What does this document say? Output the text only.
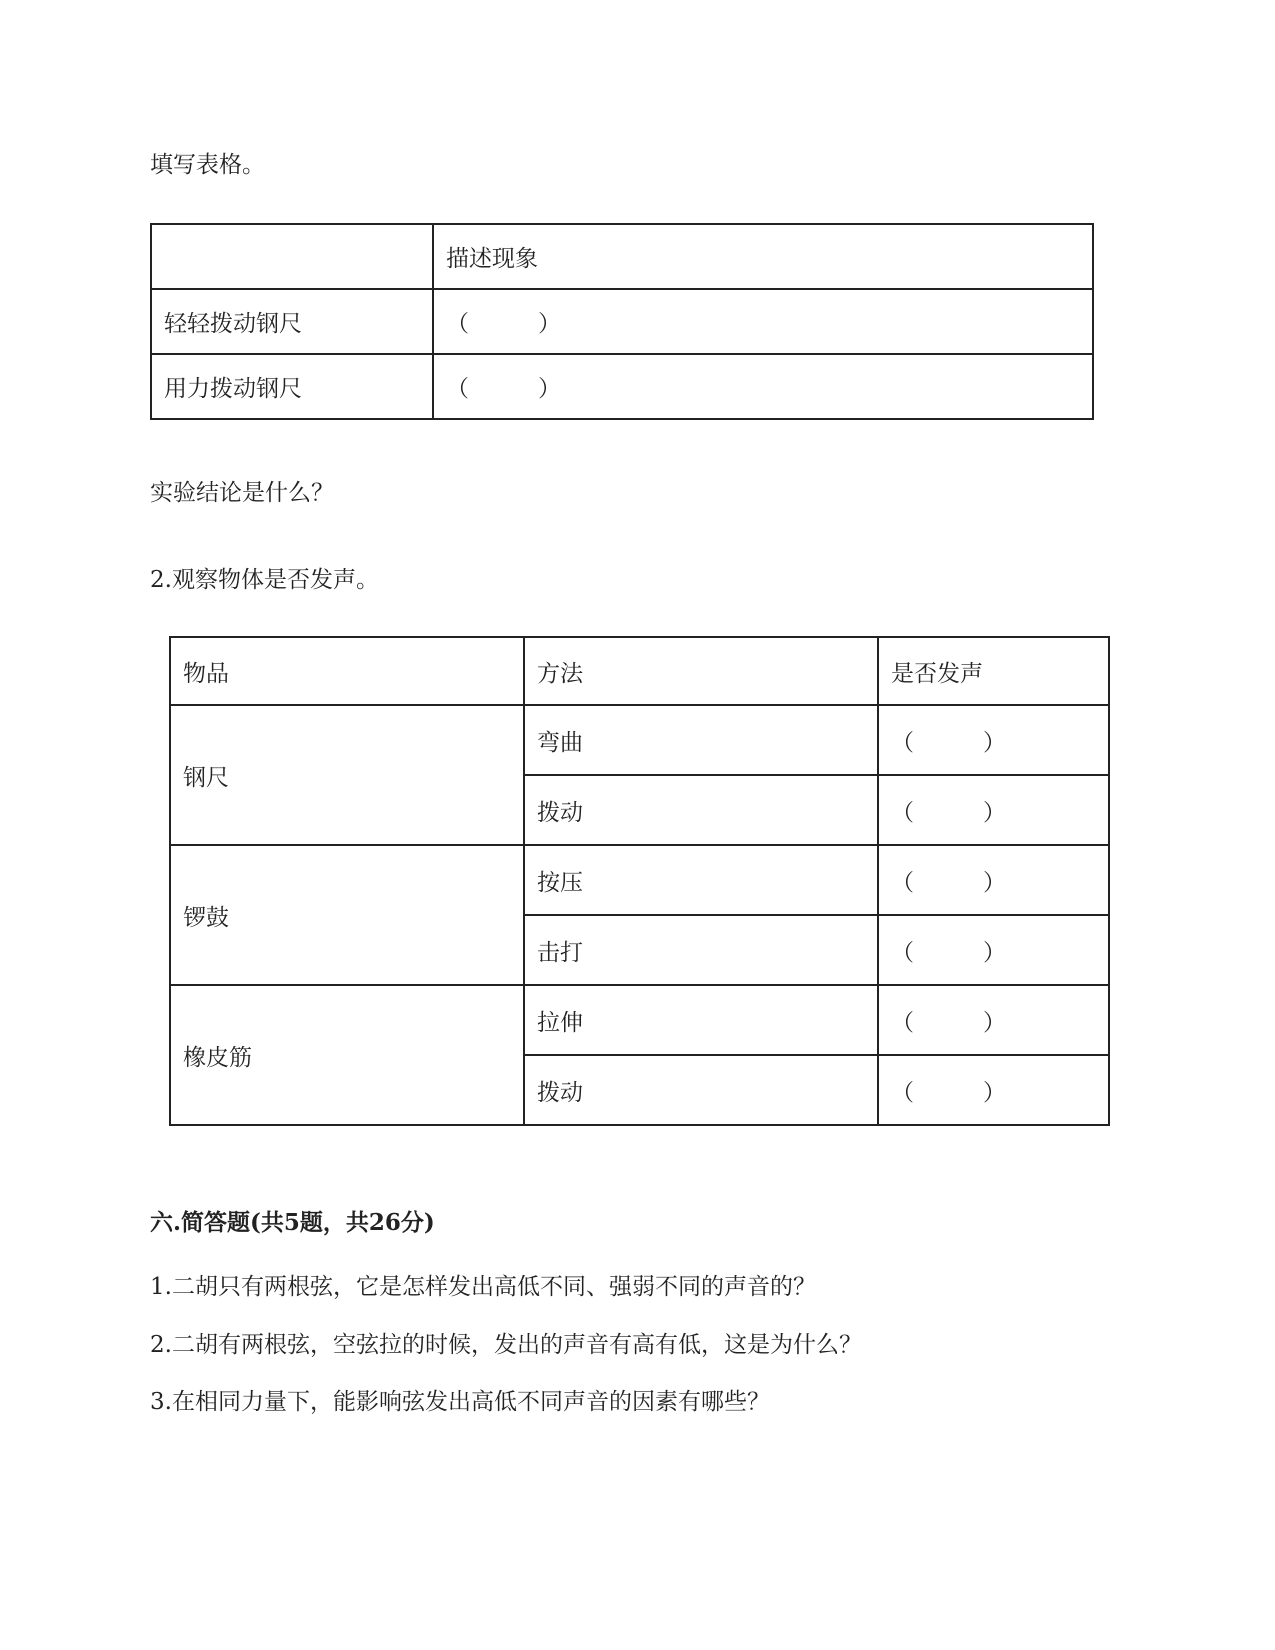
填写表格。
	描述现象
轻轻拨动钢尺	（　　　）
用力拨动钢尺	（　　　）
实验结论是什么？
2.观察物体是否发声。
物品	方法	是否发声
钢尺	弯曲	（　　　）
	拨动	（　　　）
锣鼓	按压	（　　　）
	击打	（　　　）
橡皮筋	拉伸	（　　　）
	拨动	（　　　）
六.简答题(共5题，共26分)
1.二胡只有两根弦，它是怎样发出高低不同、强弱不同的声音的？
2.二胡有两根弦，空弦拉的时候，发出的声音有高有低，这是为什么？
3.在相同力量下，能影响弦发出高低不同声音的因素有哪些？
